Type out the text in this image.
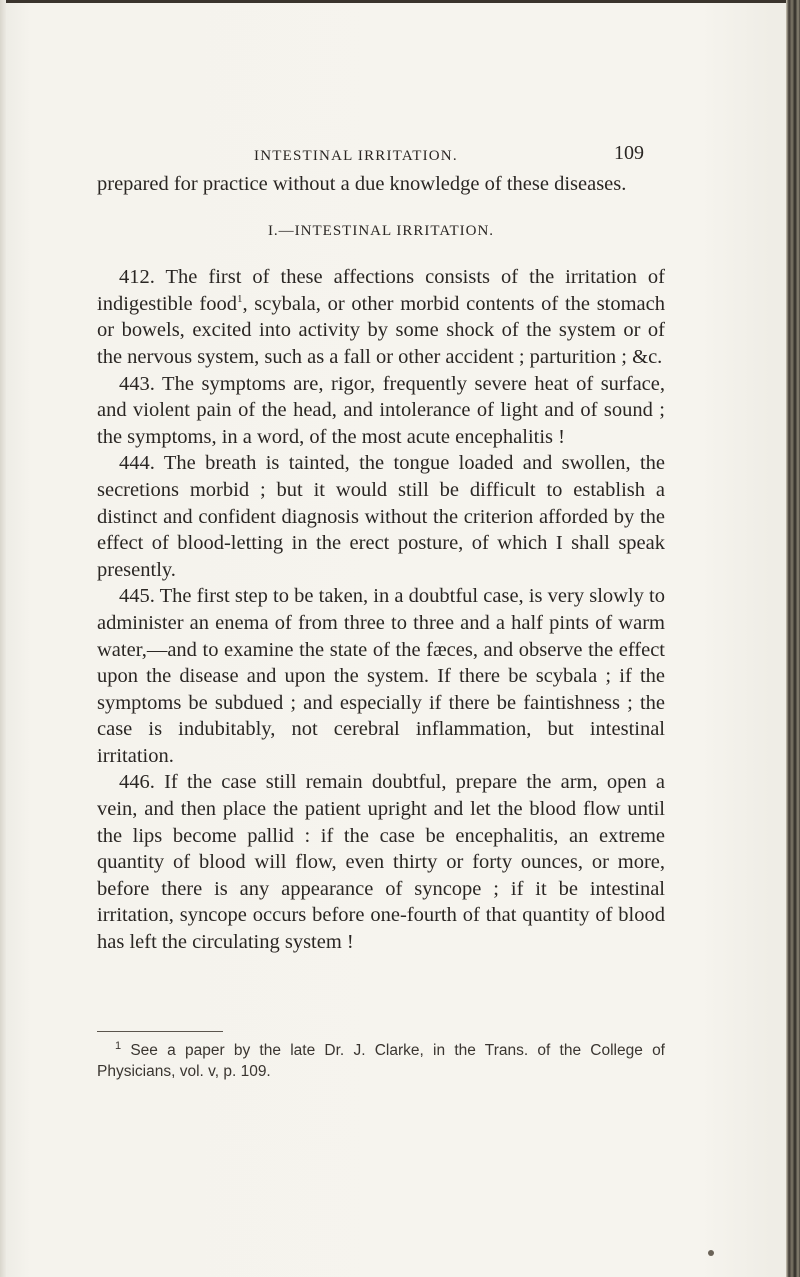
INTESTINAL IRRITATION.	109

prepared for practice without a due knowledge of these diseases.

I.—INTESTINAL IRRITATION.

412. The first of these affections consists of the irritation of indigestible food$^1$, scybala, or other morbid contents of the stomach or bowels, excited into activity by some shock of the system or of the nervous system, such as a fall or other accident ; parturition ; &c.

443. The symptoms are, rigor, frequently severe heat of surface, and violent pain of the head, and intolerance of light and of sound ; the symptoms, in a word, of the most acute encephalitis !

444. The breath is tainted, the tongue loaded and swollen, the secretions morbid ; but it would still be difficult to establish a distinct and confident diagnosis without the criterion afforded by the effect of blood-letting in the erect posture, of which I shall speak presently.

445. The first step to be taken, in a doubtful case, is very slowly to administer an enema of from three to three and a half pints of warm water,—and to examine the state of the fæces, and observe the effect upon the disease and upon the system. If there be scybala ; if the symptoms be subdued ; and especially if there be faintishness ; the case is indubitably, not cerebral inflammation, but intestinal irritation.

446. If the case still remain doubtful, prepare the arm, open a vein, and then place the patient upright and let the blood flow until the lips become pallid : if the case be encephalitis, an extreme quantity of blood will flow, even thirty or forty ounces, or more, before there is any appearance of syncope ; if it be intestinal irritation, syncope occurs before one-fourth of that quantity of blood has left the circulating system !

$^1$ See a paper by the late Dr. J. Clarke, in the Trans. of the College of Physicians, vol. v, p. 109.
